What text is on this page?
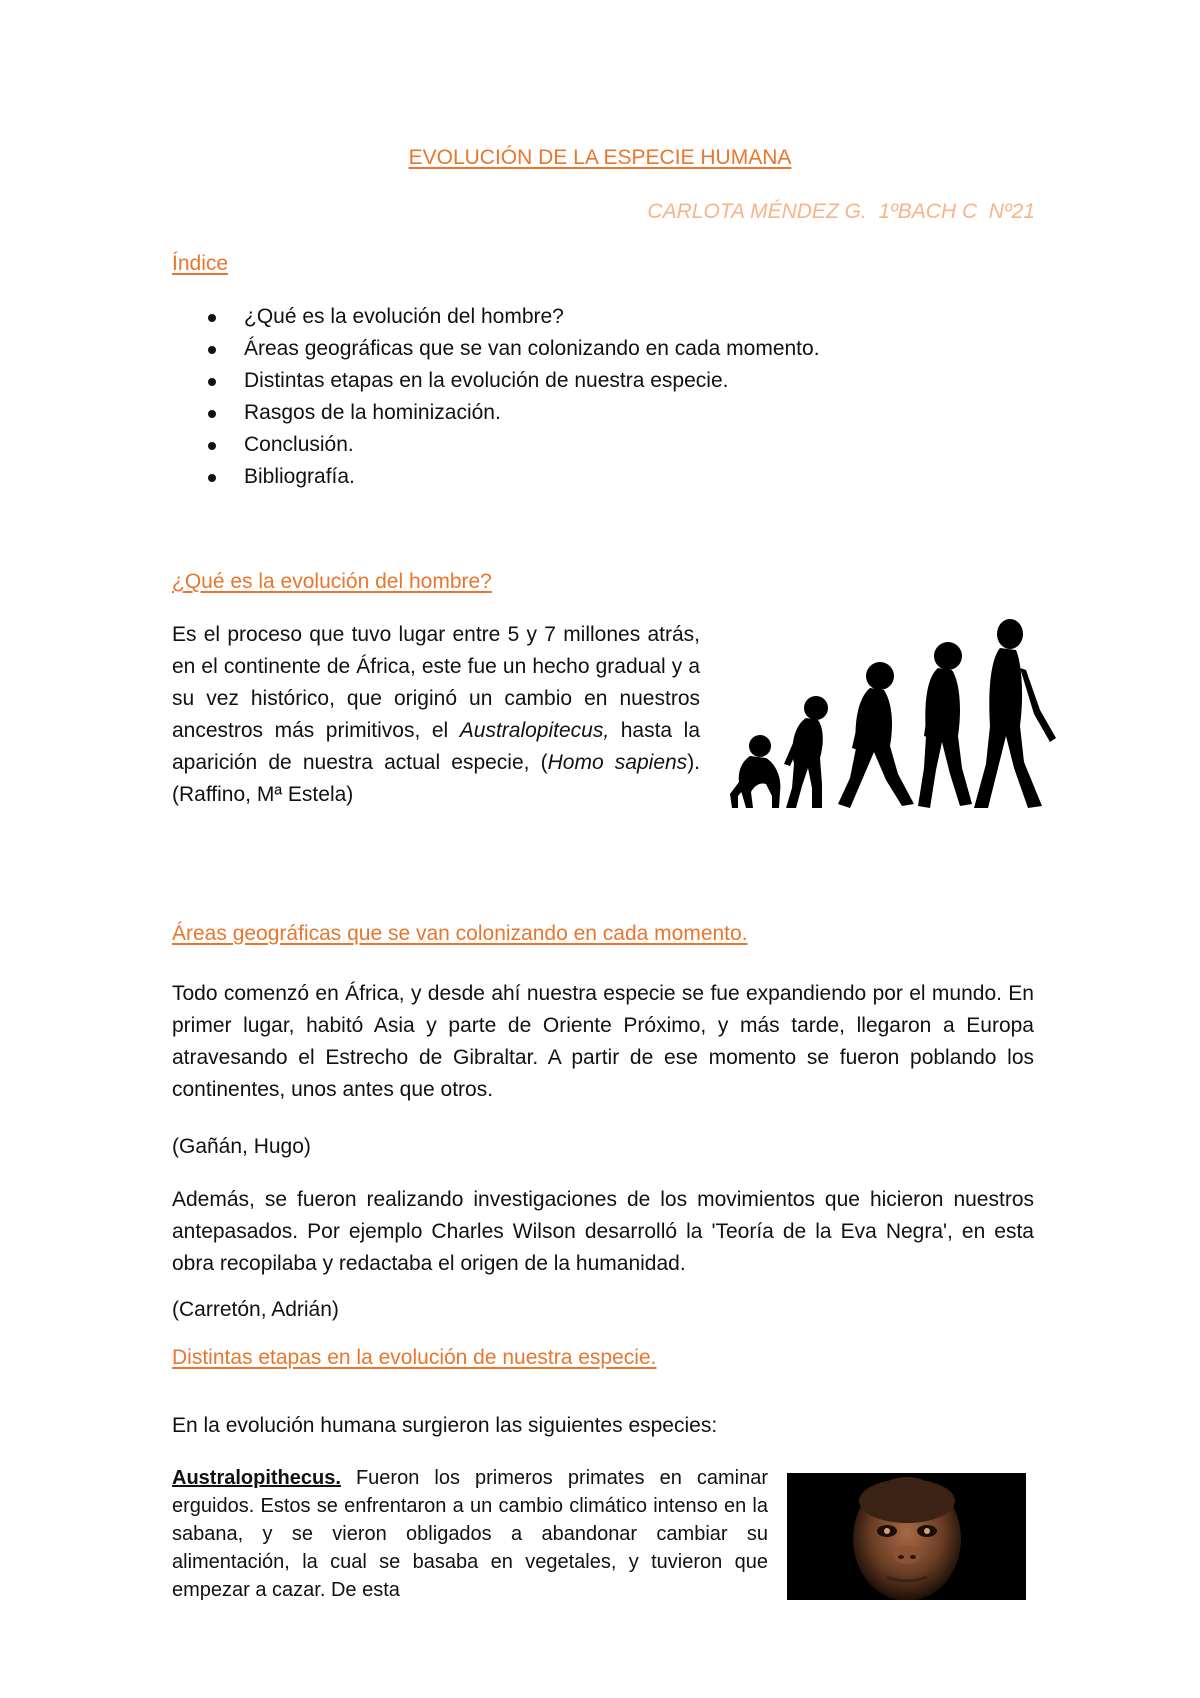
EVOLUCIÓN DE LA ESPECIE HUMANA

CARLOTA MÉNDEZ G.  1ºBACH C  Nº21

Índice
¿Qué es la evolución del hombre?
Áreas geográficas que se van colonizando en cada momento.
Distintas etapas en la evolución de nuestra especie.
Rasgos de la hominización.
Conclusión.
Bibliografía.
¿Qué es la evolución del hombre?

Es el proceso que tuvo lugar entre 5 y 7 millones atrás, en el continente de África, este fue un hecho gradual y a su vez histórico, que originó un cambio en nuestros ancestros más primitivos, el Australopitecus, hasta la aparición de nuestra actual especie, (Homo sapiens). (Raffino, Mª Estela)

Áreas geográficas que se van colonizando en cada momento.

Todo comenzó en África, y desde ahí nuestra especie se fue expandiendo por el mundo. En primer lugar, habitó Asia y parte de Oriente Próximo, y más tarde, llegaron a Europa atravesando el Estrecho de Gibraltar. A partir de ese momento se fueron poblando los continentes, unos antes que otros.

(Gañán, Hugo)

Además, se fueron realizando investigaciones de los movimientos que hicieron nuestros antepasados. Por ejemplo Charles Wilson desarrolló la 'Teoría de la Eva Negra', en esta obra recopilaba y redactaba el origen de la humanidad.

(Carretón, Adrián)

Distintas etapas en la evolución de nuestra especie.

En la evolución humana surgieron las siguientes especies:

Australopithecus. Fueron los primeros primates en caminar erguidos. Estos se enfrentaron a un cambio climático intenso en la sabana, y se vieron obligados a abandonar cambiar su alimentación, la cual se basaba en vegetales, y tuvieron que empezar a cazar. De esta
